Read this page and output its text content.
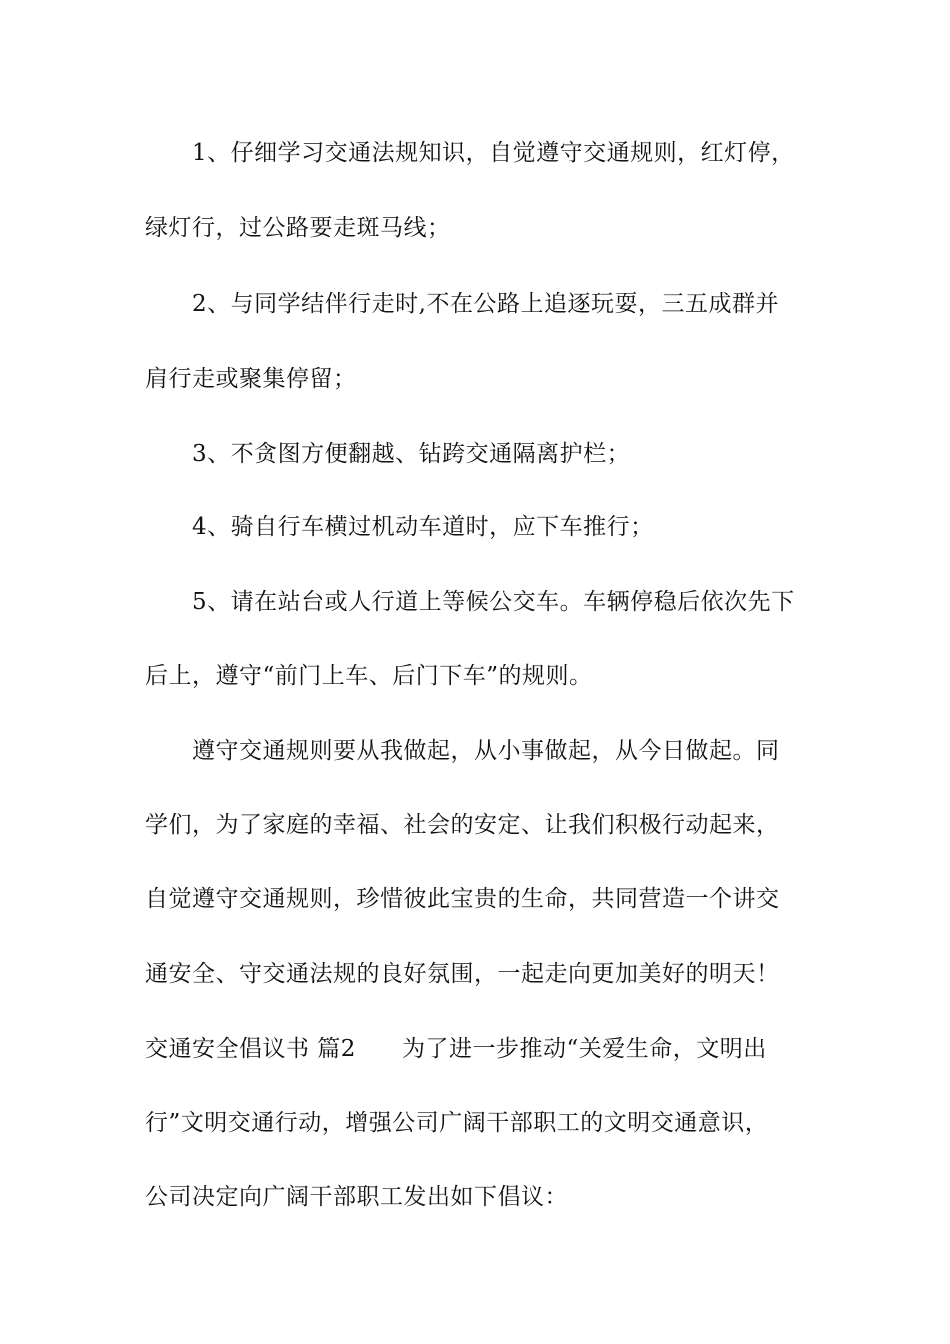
1、仔细学习交通法规知识，自觉遵守交通规则，红灯停，
绿灯行，过公路要走斑马线；
2、与同学结伴行走时,不在公路上追逐玩耍，三五成群并
肩行走或聚集停留；
3、不贪图方便翻越、钻跨交通隔离护栏；
4、骑自行车横过机动车道时，应下车推行；
5、请在站台或人行道上等候公交车。车辆停稳后依次先下
后上，遵守“前门上车、后门下车”的规则。
遵守交通规则要从我做起，从小事做起，从今日做起。同
学们，为了家庭的幸福、社会的安定、让我们积极行动起来，
自觉遵守交通规则，珍惜彼此宝贵的生命，共同营造一个讲交
通安全、守交通法规的良好氛围，一起走向更加美好的明天！
交通安全倡议书 篇2 为了进一步推动“关爱生命，文明出
行”文明交通行动，增强公司广阔干部职工的文明交通意识，
公司决定向广阔干部职工发出如下倡议：
